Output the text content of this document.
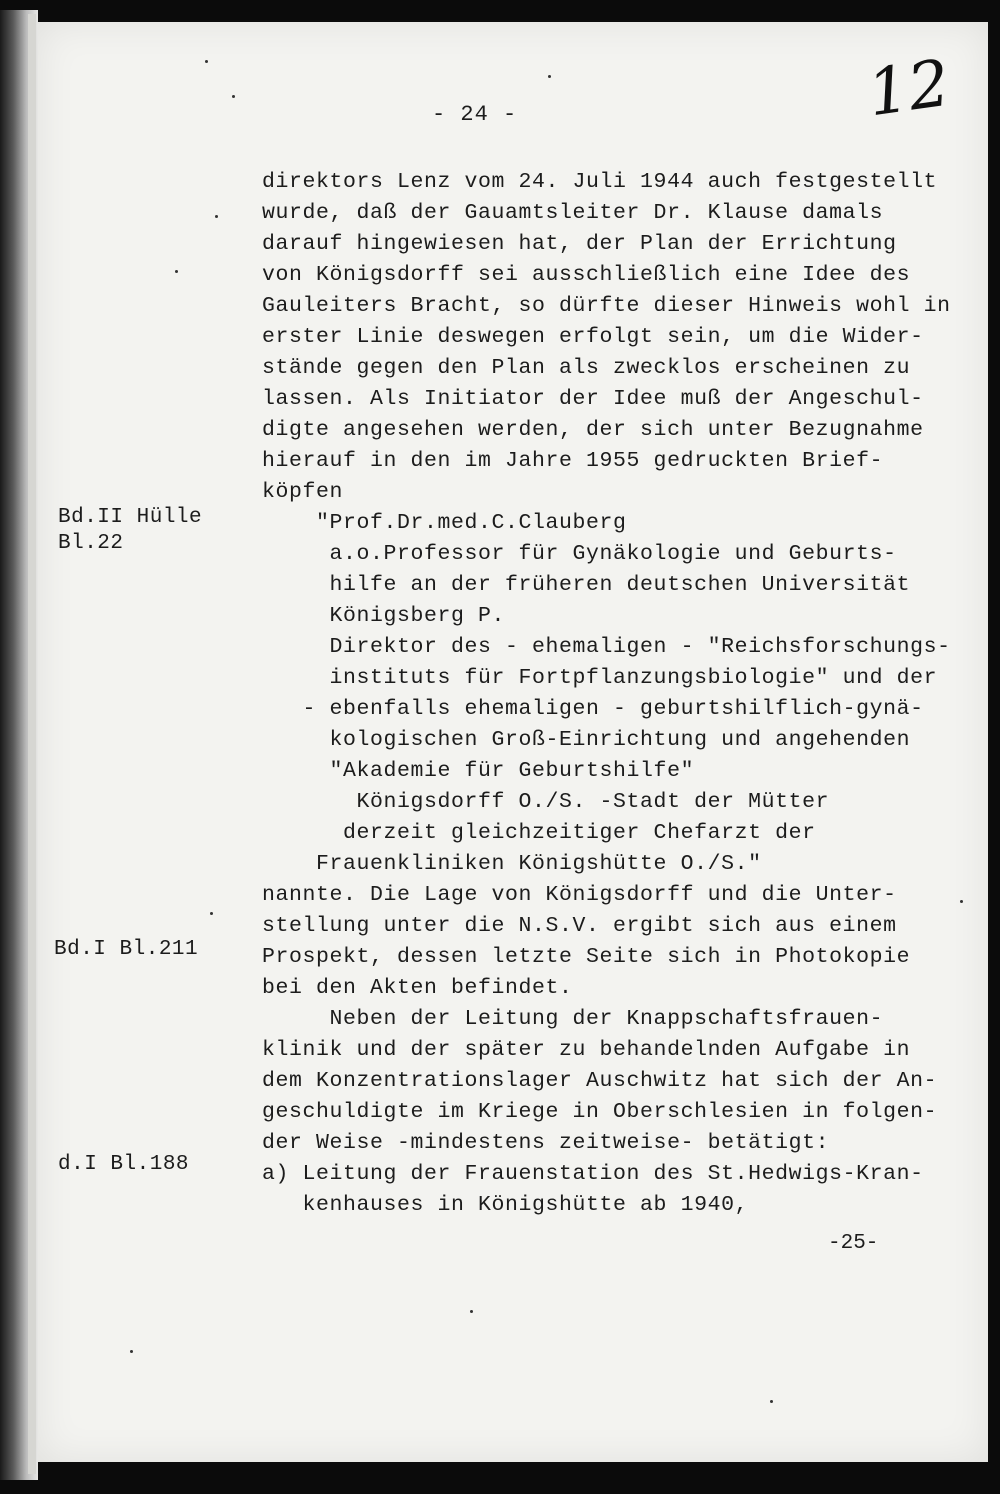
- 24 -	12
Bd.II Hülle
Bl.22
Bd.I Bl.211
d.I Bl.188
direktors Lenz vom 24. Juli 1944 auch festgestellt
wurde, daß der Gauamtsleiter Dr. Klause damals
darauf hingewiesen hat, der Plan der Errichtung
von Königsdorff sei ausschließlich eine Idee des
Gauleiters Bracht, so dürfte dieser Hinweis wohl in
erster Linie deswegen erfolgt sein, um die Wider-
stände gegen den Plan als zwecklos erscheinen zu
lassen. Als Initiator der Idee muß der Angeschul-
digte angesehen werden, der sich unter Bezugnahme
hierauf in den im Jahre 1955 gedruckten Brief-
köpfen
"Prof.Dr.med.C.Clauberg
a.o.Professor für Gynäkologie und Geburts-
hilfe an der früheren deutschen Universität
Königsberg P.
Direktor des - ehemaligen - "Reichsforschungs-
instituts für Fortpflanzungsbiologie" und der
- ebenfalls ehemaligen - geburtshilflich-gynä-
kologischen Groß-Einrichtung und angehenden
"Akademie für Geburtshilfe"
Königsdorff O./S. -Stadt der Mütter
derzeit gleichzeitiger Chefarzt der
Frauenkliniken Königshütte O./S."
nannte. Die Lage von Königsdorff und die Unter-
stellung unter die N.S.V. ergibt sich aus einem
Prospekt, dessen letzte Seite sich in Photokopie
bei den Akten befindet.
Neben der Leitung der Knappschaftsfrauen-
klinik und der später zu behandelnden Aufgabe in
dem Konzentrationslager Auschwitz hat sich der An-
geschuldigte im Kriege in Oberschlesien in folgen-
der Weise -mindestens zeitweise- betätigt:
a) Leitung der Frauenstation des St.Hedwigs-Kran-
kenhauses in Königshütte ab 1940,
-25-
